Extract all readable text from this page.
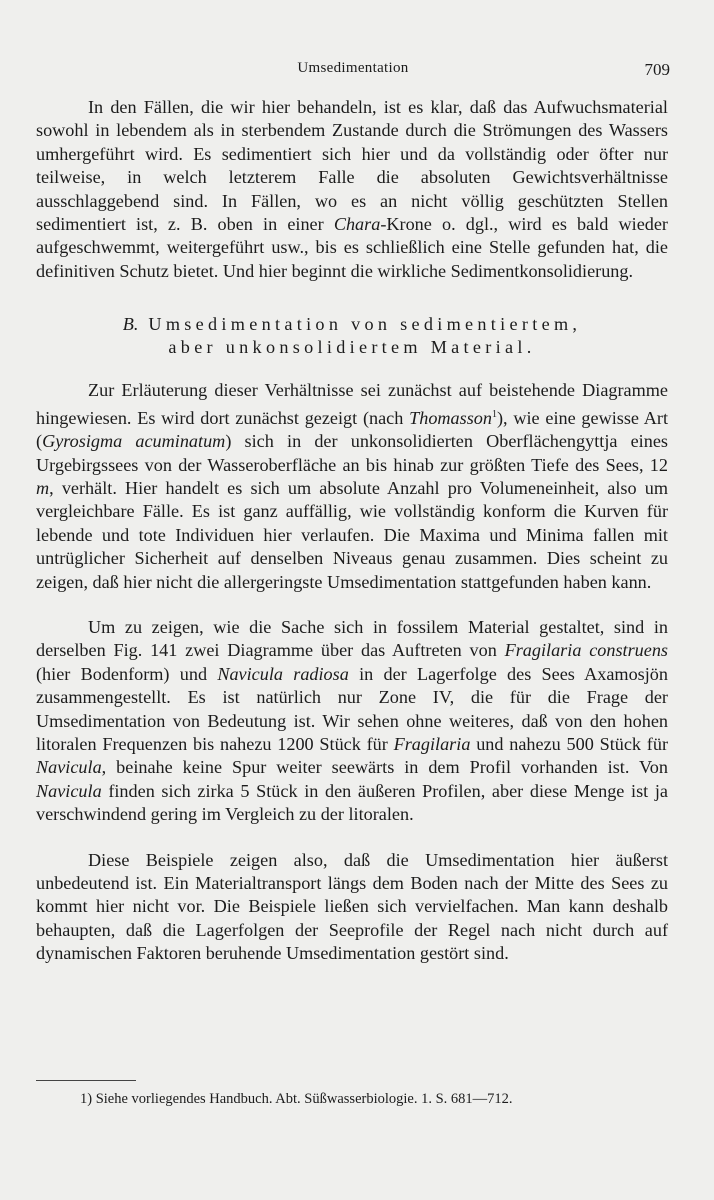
Umsedimentation	709

In den Fällen, die wir hier behandeln, ist es klar, daß das Aufwuchsmaterial sowohl in lebendem als in sterbendem Zustande durch die Strömungen des Wassers umhergeführt wird. Es sedimentiert sich hier und da vollständig oder öfter nur teilweise, in welch letzterem Falle die absoluten Gewichtsverhältnisse ausschlaggebend sind. In Fällen, wo es an nicht völlig geschützten Stellen sedimentiert ist, z. B. oben in einer Chara-Krone o. dgl., wird es bald wieder aufgeschwemmt, weitergeführt usw., bis es schließlich eine Stelle gefunden hat, die definitiven Schutz bietet. Und hier beginnt die wirkliche Sedimentkonsolidierung.

B. Umsedimentation von sedimentiertem,
aber unkonsolidiertem Material.

Zur Erläuterung dieser Verhältnisse sei zunächst auf beistehende Diagramme hingewiesen. Es wird dort zunächst gezeigt (nach Thomasson$^1$), wie eine gewisse Art (Gyrosigma acuminatum) sich in der unkonsolidierten Oberflächengyttja eines Urgebirgssees von der Wasseroberfläche an bis hinab zur größten Tiefe des Sees, 12 m, verhält. Hier handelt es sich um absolute Anzahl pro Volumeneinheit, also um vergleichbare Fälle. Es ist ganz auffällig, wie vollständig konform die Kurven für lebende und tote Individuen hier verlaufen. Die Maxima und Minima fallen mit untrüglicher Sicherheit auf denselben Niveaus genau zusammen. Dies scheint zu zeigen, daß hier nicht die allergeringste Umsedimentation stattgefunden haben kann.

Um zu zeigen, wie die Sache sich in fossilem Material gestaltet, sind in derselben Fig. 141 zwei Diagramme über das Auftreten von Fragilaria construens (hier Bodenform) und Navicula radiosa in der Lagerfolge des Sees Axamosjön zusammengestellt. Es ist natürlich nur Zone IV, die für die Frage der Umsedimentation von Bedeutung ist. Wir sehen ohne weiteres, daß von den hohen litoralen Frequenzen bis nahezu 1200 Stück für Fragilaria und nahezu 500 Stück für Navicula, beinahe keine Spur weiter seewärts in dem Profil vorhanden ist. Von Navicula finden sich zirka 5 Stück in den äußeren Profilen, aber diese Menge ist ja verschwindend gering im Vergleich zu der litoralen.

Diese Beispiele zeigen also, daß die Umsedimentation hier äußerst unbedeutend ist. Ein Materialtransport längs dem Boden nach der Mitte des Sees zu kommt hier nicht vor. Die Beispiele ließen sich vervielfachen. Man kann deshalb behaupten, daß die Lagerfolgen der Seeprofile der Regel nach nicht durch auf dynamischen Faktoren beruhende Umsedimentation gestört sind.

1) Siehe vorliegendes Handbuch. Abt. Süßwasserbiologie. 1. S. 681—712.
